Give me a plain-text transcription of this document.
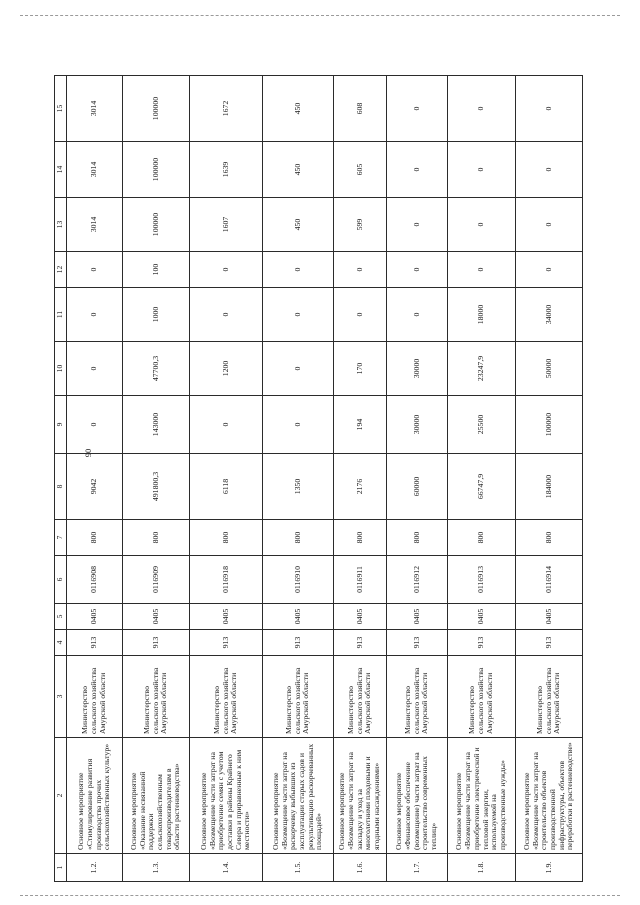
90
1	2	3	4	5	6	7	8	9	10	11	12	13	14	15
1.2.	Основное мероприятие «Стимулирование развития производства прочих сельскохозяйственных культур»	Министерство сельского хозяйства Амурской области	913	0405	0116908	800	9042	0	0	0	0	3014	3014	3014
1.3.	Основное мероприятие «Оказание несвязанной поддержки сельскохозяйственным товаропроизводителям в области растениеводства»	Министерство сельского хозяйства Амурской области	913	0405	0116909	800	491800,3	143000	47700,3	1000	100	100000	100000	100000
1.4.	Основное мероприятие «Возмещение части затрат на приобретение семян с учетом доставки в районы Крайнего Севера и приравненные к ним местности»	Министерство сельского хозяйства Амурской области	913	0405	0116918	800	6118	0	1200	0	0	1607	1639	1672
1.5.	Основное мероприятие «Возмещение части затрат на раскорчевку выбывших из эксплуатации старых садов и рекультивацию раскорчеванных площадей»	Министерство сельского хозяйства Амурской области	913	0405	0116910	800	1350	0	0	0	0	450	450	450
1.6.	Основное мероприятие «Возмещение части затрат на закладку и уход за многолетними плодовыми и ягодными насаждениями»	Министерство сельского хозяйства Амурской области	913	0405	0116911	800	2176	194	170	0	0	599	605	608
1.7.	Основное мероприятие «Финансовое обеспечение (возмещение) части затрат на строительство современных теплиц»	Министерство сельского хозяйства Амурской области	913	0405	0116912	800	60000	30000	30000	0	0	0	0	0
1.8.	Основное мероприятие «Возмещение части затрат на приобретение электрической и тепловой энергии, используемой на производственные нужды»	Министерство сельского хозяйства Амурской области	913	0405	0116913	800	66747,9	25500	23247,9	18000	0	0	0	0
1.9.	Основное мероприятие «Возмещение части затрат на строительство объектов производственной инфраструктуры, объектов переработки в растениеводстве»	Министерство сельского хозяйства Амурской области	913	0405	0116914	800	184000	100000	50000	34000	0	0	0	0
